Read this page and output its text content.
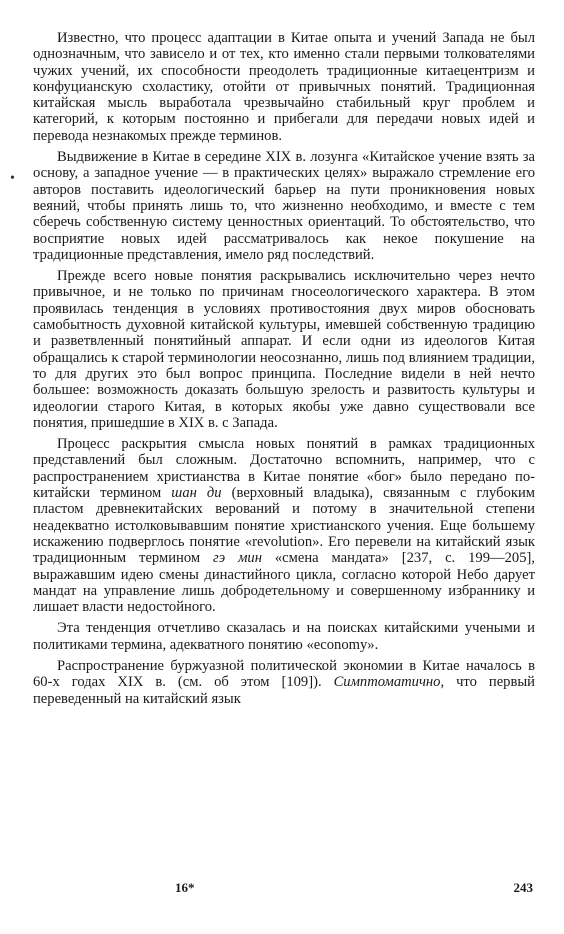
Известно, что процесс адаптации в Китае опыта и учений Запада не был однозначным, что зависело и от тех, кто именно стали первыми толкователями чужих учений, их способности преодолеть традиционные китаецентризм и конфуцианскую схоластику, отойти от привычных понятий. Традиционная китайская мысль выработала чрезвычайно стабильный круг проблем и категорий, к которым постоянно и прибегали для передачи новых идей и перевода незнакомых прежде терминов.

Выдвижение в Китае в середине XIX в. лозунга «Китайское учение взять за основу, а западное учение — в практических целях» выражало стремление его авторов поставить идеологический барьер на пути проникновения новых веяний, чтобы принять лишь то, что жизненно необходимо, и вместе с тем сберечь собственную систему ценностных ориентаций. То обстоятельство, что восприятие новых идей рассматривалось как некое покушение на традиционные представления, имело ряд последствий.

Прежде всего новые понятия раскрывались исключительно через нечто привычное, и не только по причинам гносеологического характера. В этом проявилась тенденция в условиях противостояния двух миров обосновать самобытность духовной китайской культуры, имевшей собственную традицию и разветвленный понятийный аппарат. И если одни из идеологов Китая обращались к старой терминологии неосознанно, лишь под влиянием традиции, то для других это был вопрос принципа. Последние видели в ней нечто большее: возможность доказать большую зрелость и развитость культуры и идеологии старого Китая, в которых якобы уже давно существовали все понятия, пришедшие в XIX в. с Запада.

Процесс раскрытия смысла новых понятий в рамках традиционных представлений был сложным. Достаточно вспомнить, например, что с распространением христианства в Китае понятие «бог» было передано по-китайски термином шан ди (верховный владыка), связанным с глубоким пластом древнекитайских верований и потому в значительной степени неадекватно истолковывавшим понятие христианского учения. Еще большему искажению подверглось понятие «revolution». Его перевели на китайский язык традиционным термином гэ мин «смена мандата» [237, с. 199—205], выражавшим идею смены династийного цикла, согласно которой Небо дарует мандат на управление лишь добродетельному и совершенному избраннику и лишает власти недостойного.

Эта тенденция отчетливо сказалась и на поисках китайскими учеными и политиками термина, адекватного понятию «economy».

Распространение буржуазной политической экономии в Китае началось в 60-х годах XIX в. (см. об этом [109]). Симптоматично, что первый переведенный на китайский язык

•
16*	243
